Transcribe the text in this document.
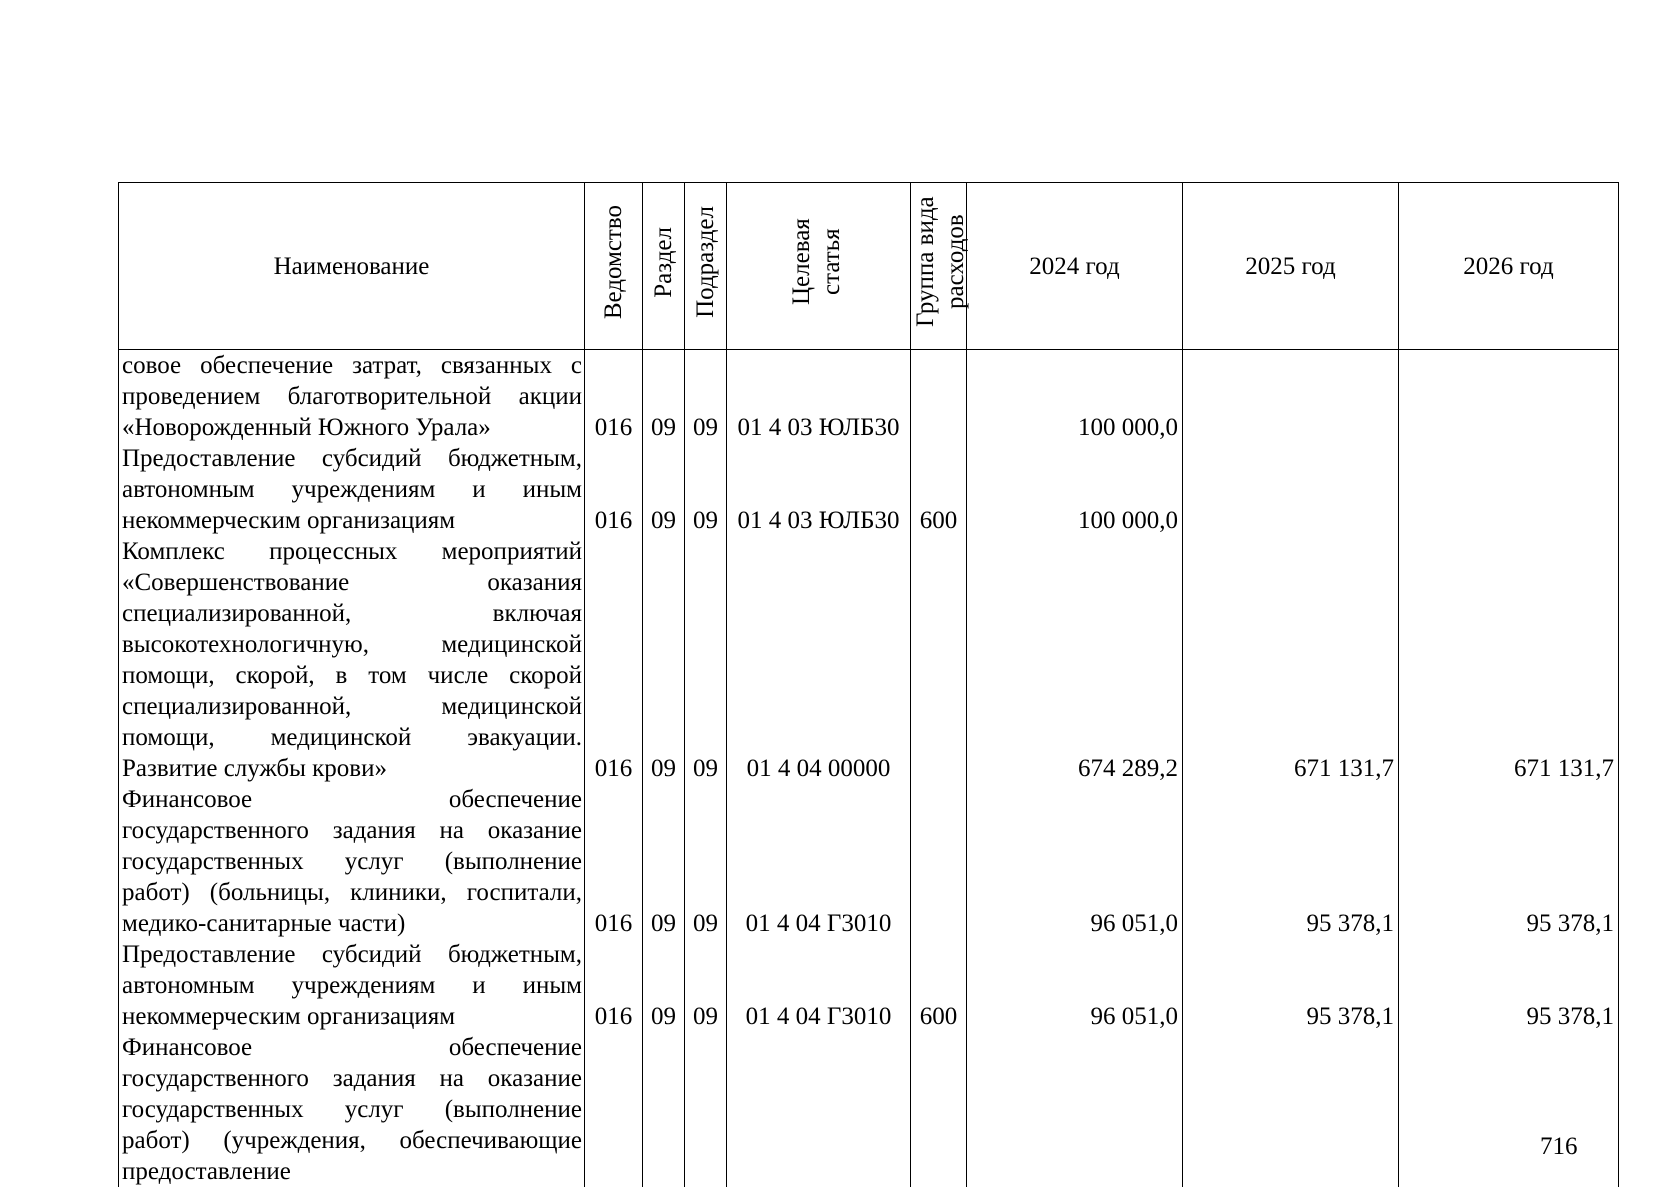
Наименование	Ведомство	Раздел	Подраздел	Целевая статья	Группа вида расходов	2024 год	2025 год	2026 год
совое обеспечение затрат, связанных с проведением благотворительной акции «Новорожденный Южного Урала»	016	09	09	01 4 03 ЮЛБ30		100 000,0		
Предоставление субсидий бюджетным, автономным учреждениям и иным некоммерческим организациям	016	09	09	01 4 03 ЮЛБ30	600	100 000,0		
Комплекс процессных мероприятий «Совершенствование оказания специализированной, включая высокотехнологичную, медицинской помощи, скорой, в том числе скорой специализированной, медицинской помощи, медицинской эвакуации. Развитие службы крови»	016	09	09	01 4 04 00000		674 289,2	671 131,7	671 131,7
Финансовое обеспечение государственного задания на оказание государственных услуг (выполнение работ) (больницы, клиники, госпитали, медико-санитарные части)	016	09	09	01 4 04 Г3010		96 051,0	95 378,1	95 378,1
Предоставление субсидий бюджетным, автономным учреждениям и иным некоммерческим организациям	016	09	09	01 4 04 Г3010	600	96 051,0	95 378,1	95 378,1
Финансовое обеспечение государственного задания на оказание государственных услуг (выполнение работ) (учреждения, обеспечивающие предоставление								
716
